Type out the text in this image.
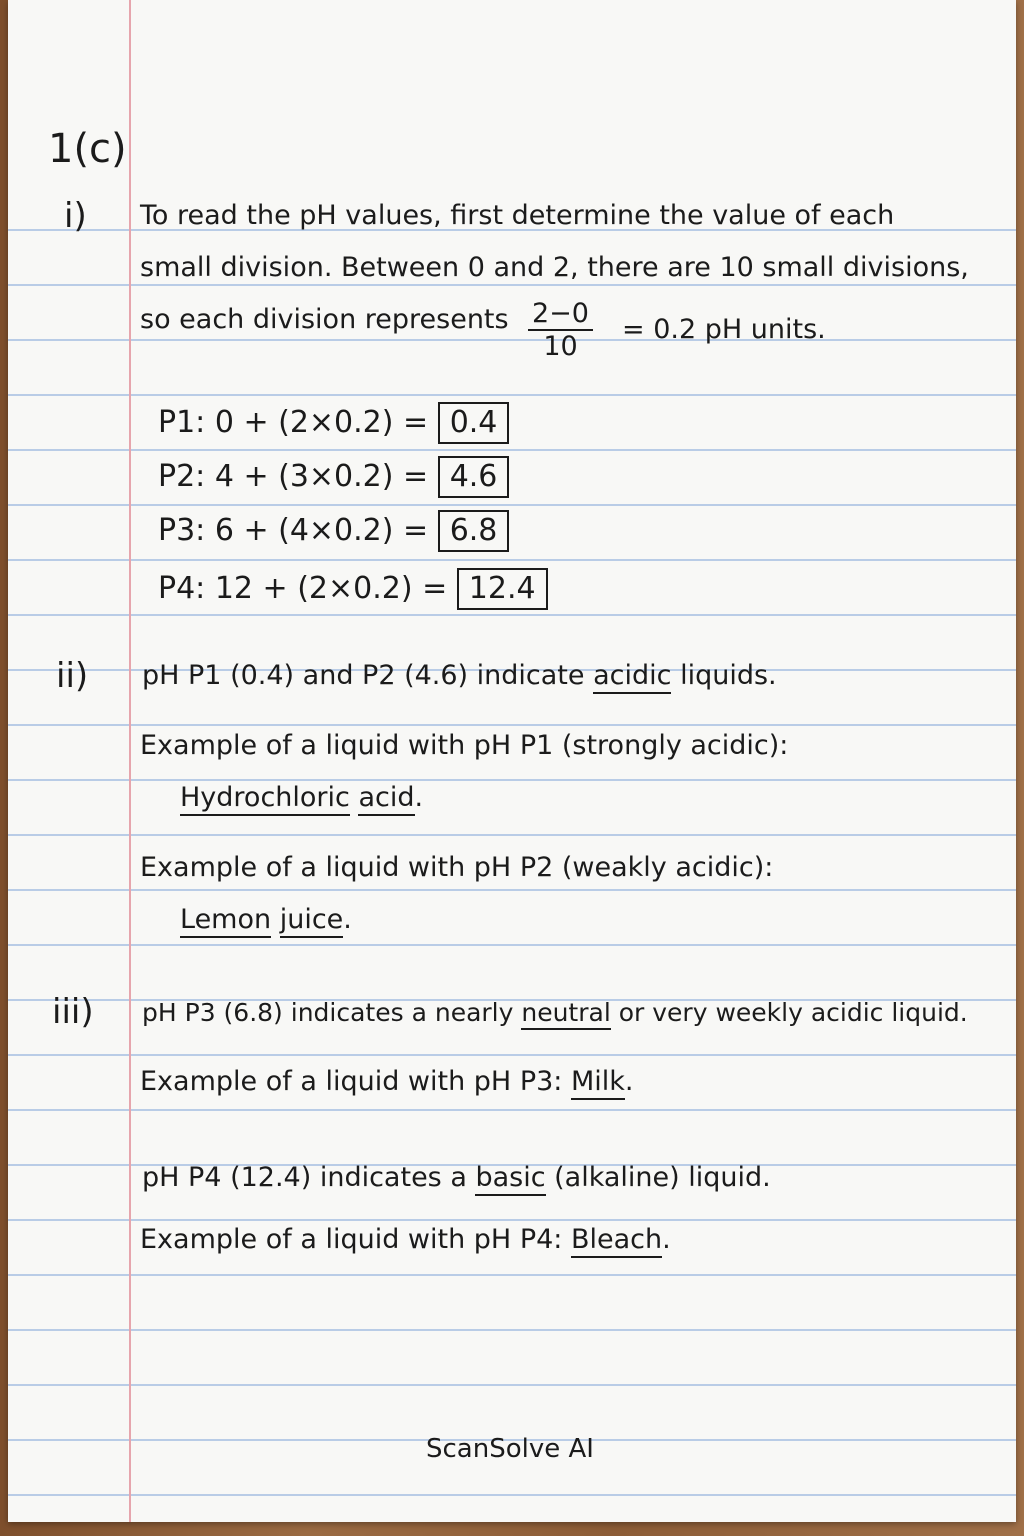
1(c)
i) To read the pH values, first determine the value of each
small division. Between 0 and 2, there are 10 small divisions,
so each division represents $\frac{2-0}{10} = 0.2$ pH units.
P1: 0 + (2×0.2) = 0.4
P2: 4 + (3×0.2) = 4.6
P3: 6 + (4×0.2) = 6.8
P4: 12 + (2×0.2) = 12.4
ii) pH P1 (0.4) and P2 (4.6) indicate acidic liquids.
Example of a liquid with pH P1 (strongly acidic):
Hydrochloric acid.
Example of a liquid with pH P2 (weakly acidic):
Lemon juice.
iii) pH P3 (6.8) indicates a nearly neutral or very weekly acidic liquid.
Example of a liquid with pH P3: Milk.
pH P4 (12.4) indicates a basic (alkaline) liquid.
Example of a liquid with pH P4: Bleach.
ScanSolve AI
